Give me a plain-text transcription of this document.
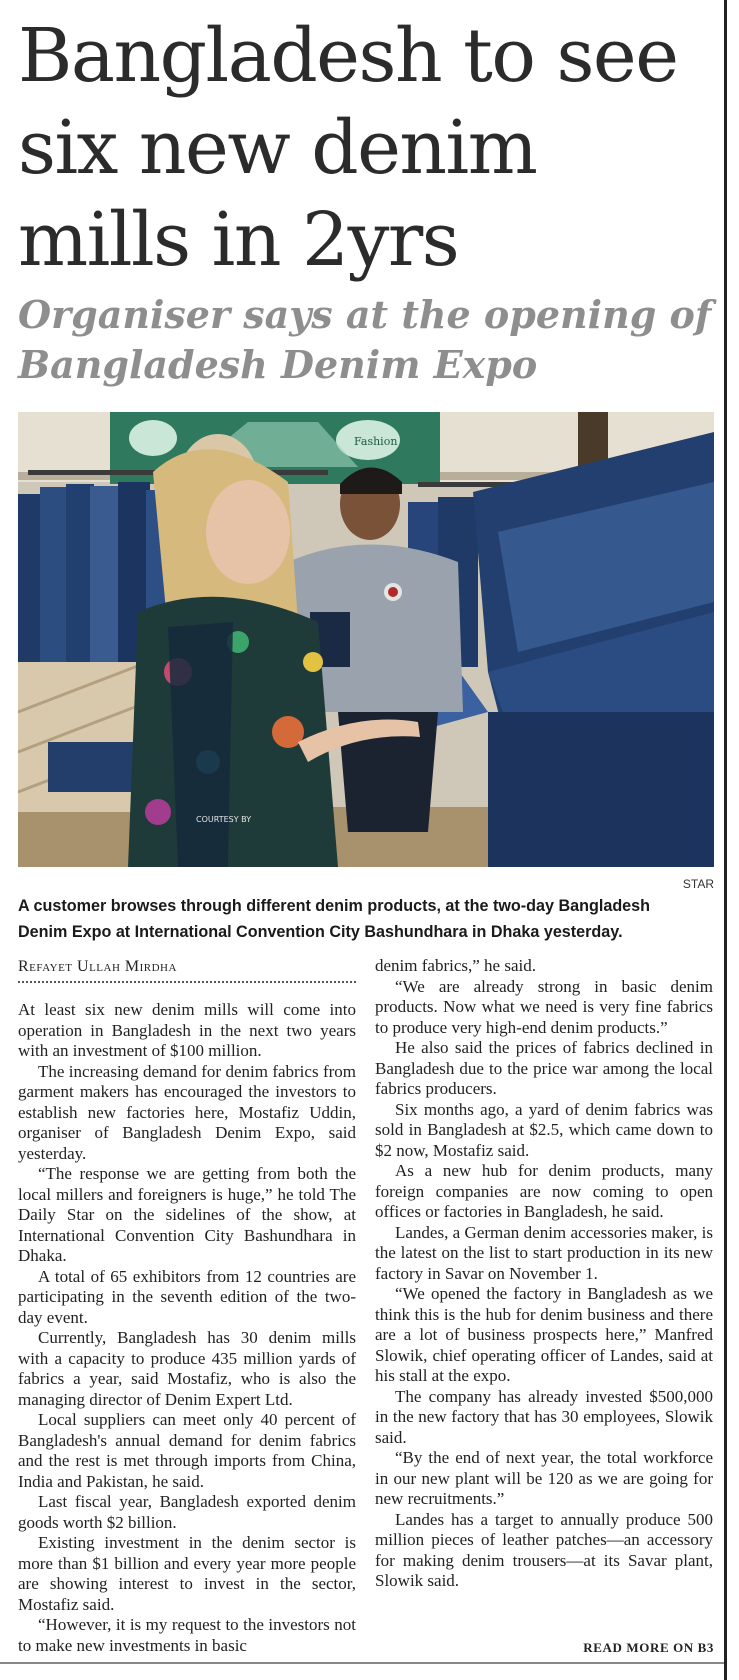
Bangladesh to see six new denim mills in 2yrs
Organiser says at the opening of Bangladesh Denim Expo
Fashion
COURTESY BY
STAR

A customer browses through different denim products, at the two-day Bangladesh Denim Expo at International Convention City Bashundhara in Dhaka yesterday.

Refayet Ullah Mirdha

At least six new denim mills will come into operation in Bangladesh in the next two years with an investment of $100 million.

The increasing demand for denim fabrics from garment makers has encouraged the investors to establish new factories here, Mostafiz Uddin, organiser of Bangladesh Denim Expo, said yesterday.

“The response we are getting from both the local millers and foreigners is huge,” he told The Daily Star on the sidelines of the show, at International Convention City Bashundhara in Dhaka.

A total of 65 exhibitors from 12 countries are participating in the seventh edition of the two-day event.

Currently, Bangladesh has 30 denim mills with a capacity to produce 435 million yards of fabrics a year, said Mostafiz, who is also the managing director of Denim Expert Ltd.

Local suppliers can meet only 40 percent of Bangladesh's annual demand for denim fabrics and the rest is met through imports from China, India and Pakistan, he said.

Last fiscal year, Bangladesh exported denim goods worth $2 billion.

Existing investment in the denim sector is more than $1 billion and every year more people are showing interest to invest in the sector, Mostafiz said.

“However, it is my request to the investors not to make new investments in basic

denim fabrics,” he said.

“We are already strong in basic denim products. Now what we need is very fine fabrics to produce very high-end denim products.”

He also said the prices of fabrics declined in Bangladesh due to the price war among the local fabrics producers.

Six months ago, a yard of denim fabrics was sold in Bangladesh at $2.5, which came down to $2 now, Mostafiz said.

As a new hub for denim products, many foreign companies are now coming to open offices or factories in Bangladesh, he said.

Landes, a German denim accessories maker, is the latest on the list to start production in its new factory in Savar on November 1.

“We opened the factory in Bangladesh as we think this is the hub for denim business and there are a lot of business prospects here,” Manfred Slowik, chief operating officer of Landes, said at his stall at the expo.

The company has already invested $500,000 in the new factory that has 30 employees, Slowik said.

“By the end of next year, the total workforce in our new plant will be 120 as we are going for new recruitments.”

Landes has a target to annually produce 500 million pieces of leather patches—an accessory for making denim trousers—at its Savar plant, Slowik said.

READ MORE ON B3
